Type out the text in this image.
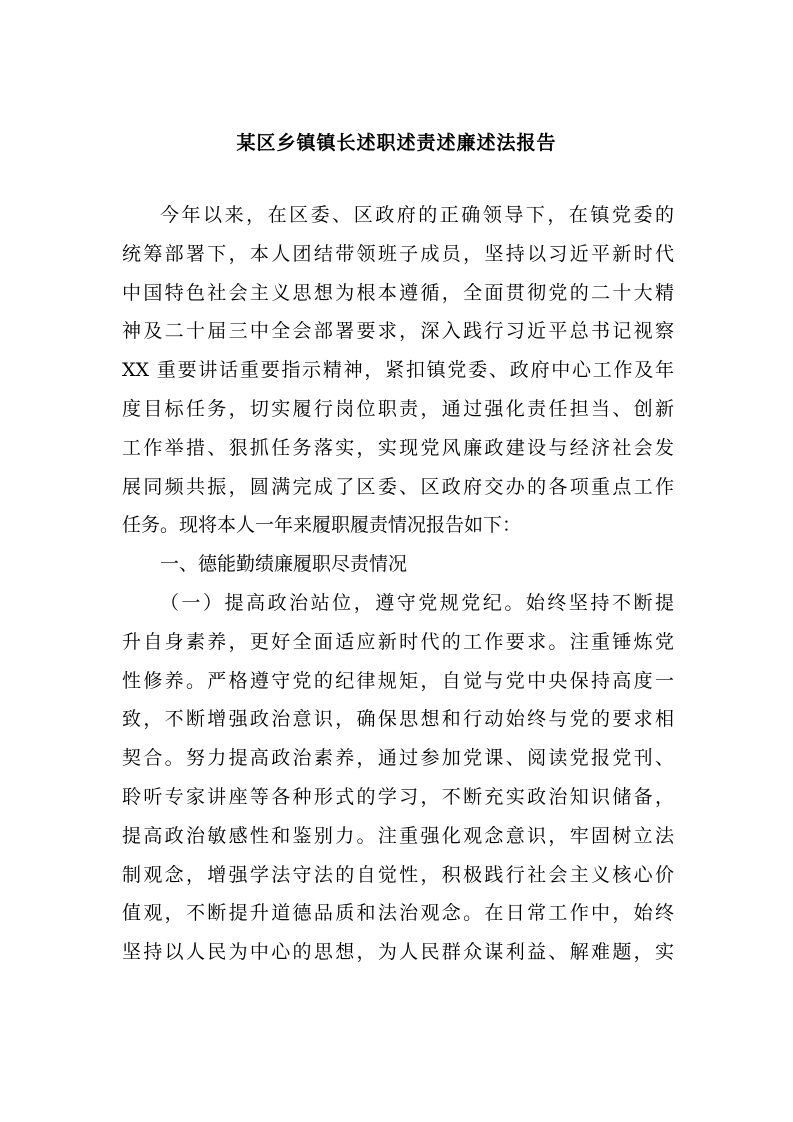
某区乡镇镇长述职述责述廉述法报告
今年以来，在区委、区政府的正确领导下，在镇党委的
统筹部署下，本人团结带领班子成员，坚持以习近平新时代
中国特色社会主义思想为根本遵循，全面贯彻党的二十大精
神及二十届三中全会部署要求，深入践行习近平总书记视察
XX 重要讲话重要指示精神，紧扣镇党委、政府中心工作及年
度目标任务，切实履行岗位职责，通过强化责任担当、创新
工作举措、狠抓任务落实，实现党风廉政建设与经济社会发
展同频共振，圆满完成了区委、区政府交办的各项重点工作
任务。现将本人一年来履职履责情况报告如下：
一、德能勤绩廉履职尽责情况
（一）提高政治站位，遵守党规党纪。始终坚持不断提
升自身素养，更好全面适应新时代的工作要求。注重锤炼党
性修养。严格遵守党的纪律规矩，自觉与党中央保持高度一
致，不断增强政治意识，确保思想和行动始终与党的要求相
契合。努力提高政治素养，通过参加党课、阅读党报党刊、
聆听专家讲座等各种形式的学习，不断充实政治知识储备，
提高政治敏感性和鉴别力。注重强化观念意识，牢固树立法
制观念，增强学法守法的自觉性，积极践行社会主义核心价
值观，不断提升道德品质和法治观念。在日常工作中，始终
坚持以人民为中心的思想，为人民群众谋利益、解难题，实
